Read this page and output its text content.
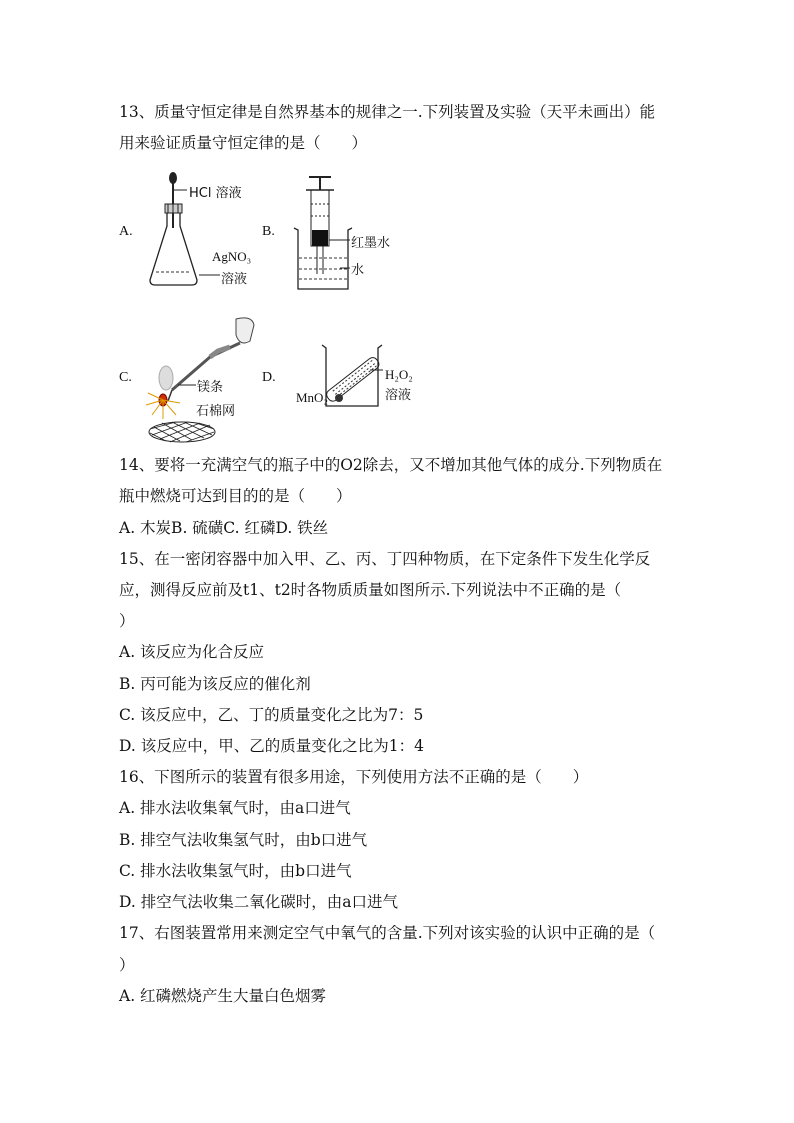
13、质量守恒定律是自然界基本的规律之一.下列装置及实验（天平未画出）能
用来验证质量守恒定律的是（　　）
A.
HCl 溶液
AgNO₃
溶液
B.
红墨水
水
C.
镁条
石棉网
D.	H₂O₂
溶液
MnO₂
14、要将一充满空气的瓶子中的O2除去，又不增加其他气体的成分.下列物质在
瓶中燃烧可达到目的的是（　　）
A. 木炭B. 硫磺C. 红磷D. 铁丝
15、在一密闭容器中加入甲、乙、丙、丁四种物质，在下定条件下发生化学反
应，测得反应前及t1、t2时各物质质量如图所示.下列说法中不正确的是（
）
A. 该反应为化合反应
B. 丙可能为该反应的催化剂
C. 该反应中，乙、丁的质量变化之比为7：5
D. 该反应中，甲、乙的质量变化之比为1：4
16、下图所示的装置有很多用途，下列使用方法不正确的是（　　）
A. 排水法收集氧气时，由a口进气
B. 排空气法收集氢气时，由b口进气
C. 排水法收集氢气时，由b口进气
D. 排空气法收集二氧化碳时，由a口进气
17、右图装置常用来测定空气中氧气的含量.下列对该实验的认识中正确的是（
）
A. 红磷燃烧产生大量白色烟雾
